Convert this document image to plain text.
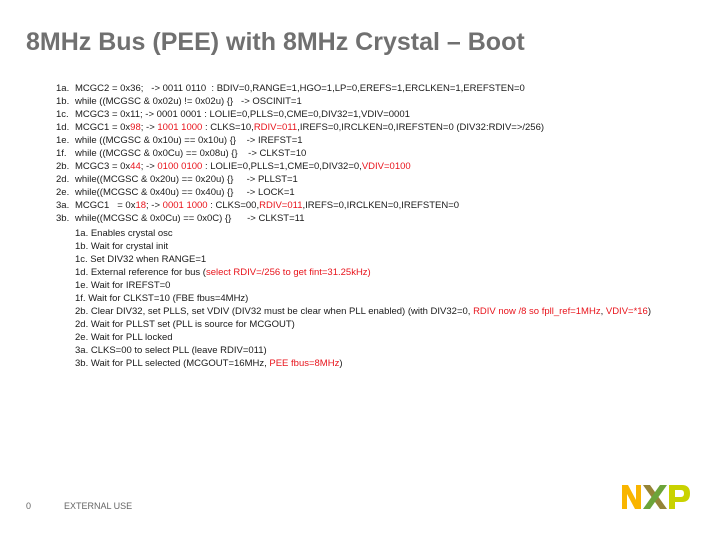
8MHz Bus (PEE) with 8MHz Crystal – Boot
1a. MCGC2 = 0x36;   -> 0011 0110  : BDIV=0,RANGE=1,HGO=1,LP=0,EREFS=1,ERCLKEN=1,EREFSTEN=0
1b. while ((MCGSC & 0x02u) != 0x02u) {}   -> OSCINIT=1
1c. MCGC3 = 0x11; -> 0001 0001 : LOLIE=0,PLLS=0,CME=0,DIV32=1,VDIV=0001
1d. MCGC1 = 0x98; -> 1001 1000 : CLKS=10,RDIV=011,IREFS=0,IRCLKEN=0,IREFSTEN=0 (DIV32:RDIV=>/256)
1e. while ((MCGSC & 0x10u) == 0x10u) {}    -> IREFST=1
1f. while ((MCGSC & 0x0Cu) == 0x08u) {}    -> CLKST=10
2b. MCGC3 = 0x44; -> 0100 0100 : LOLIE=0,PLLS=1,CME=0,DIV32=0,VDIV=0100
2d. while((MCGSC & 0x20u) == 0x20u) {}     -> PLLST=1
2e. while((MCGSC & 0x40u) == 0x40u) {}     -> LOCK=1
3a. MCGC1   = 0x18; -> 0001 1000 : CLKS=00,RDIV=011,IREFS=0,IRCLKEN=0,IREFSTEN=0
3b. while((MCGSC & 0x0Cu) == 0x0C) {}      -> CLKST=11
1a. Enables crystal osc
1b. Wait for crystal init
1c. Set DIV32 when RANGE=1
1d. External reference for bus (select RDIV=/256 to get fint=31.25kHz)
1e. Wait for IREFST=0
1f. Wait for CLKST=10 (FBE fbus=4MHz)
2b. Clear DIV32, set PLLS, set VDIV (DIV32 must be clear when PLL enabled) (with DIV32=0, RDIV now /8 so fpll_ref=1MHz, VDIV=*16)
2d. Wait for PLLST set (PLL is source for MCGOUT)
2e. Wait for PLL locked
3a. CLKS=00 to select PLL (leave RDIV=011)
3b. Wait for PLL selected (MCGOUT=16MHz, PEE fbus=8MHz)
0	EXTERNAL USE
